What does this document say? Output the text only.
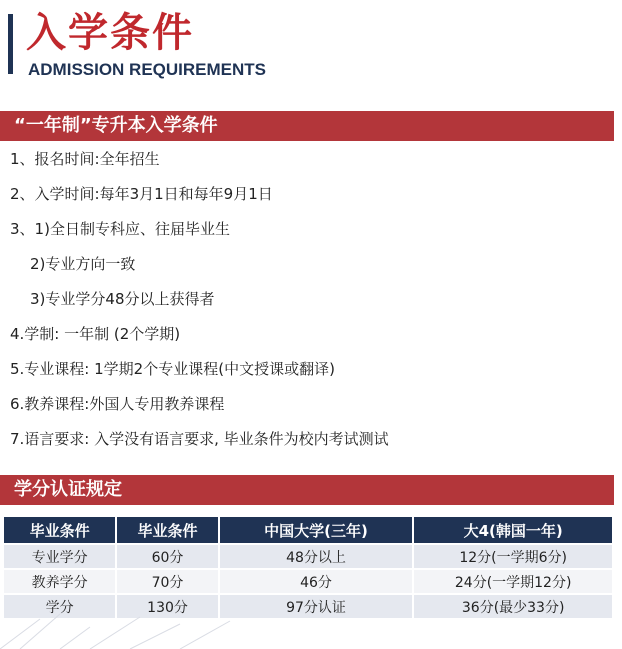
入学条件
ADMISSION REQUIREMENTS
“一年制”专升本入学条件
1、报名时间:全年招生
2、入学时间:每年3月1日和每年9月1日
3、1)全日制专科应、往届毕业生
2)专业方向一致
3)专业学分48分以上获得者
4.学制: 一年制 (2个学期)
5.专业课程: 1学期2个专业课程(中文授课或翻译)
6.教养课程:外国人专用教养课程
7.语言要求: 入学没有语言要求, 毕业条件为校内考试测试
学分认证规定
毕业条件	毕业条件	中国大学(三年)	大4(韩国一年)
专业学分	60分	48分以上	12分(一学期6分)
教养学分	70分	46分	24分(一学期12分)
学分	130分	97分认证	36分(最少33分)
